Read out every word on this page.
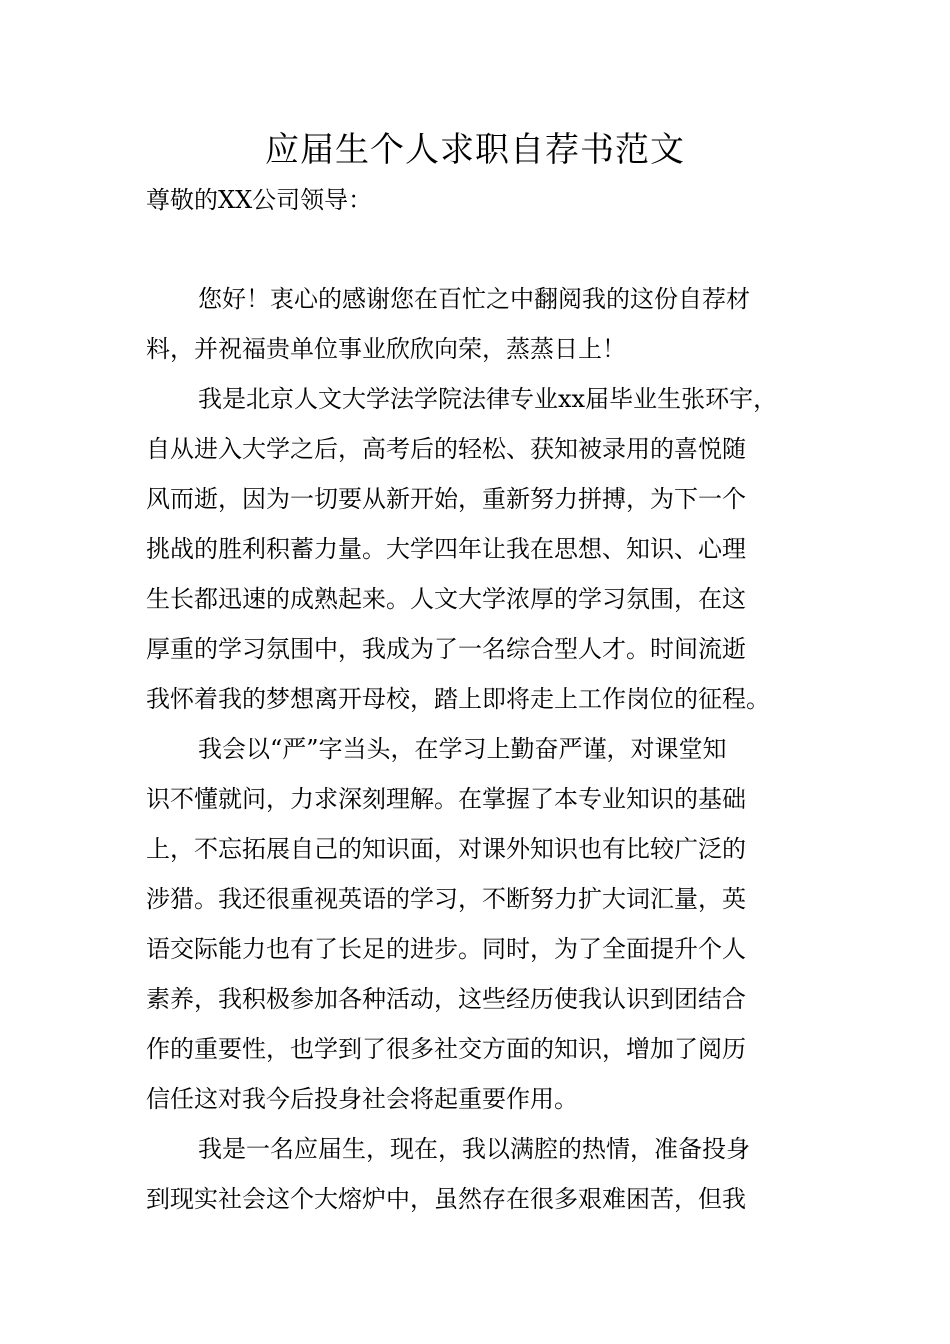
应届生个人求职自荐书范文
尊敬的XX公司领导：
您好！衷心的感谢您在百忙之中翻阅我的这份自荐材
料，并祝福贵单位事业欣欣向荣，蒸蒸日上！
我是北京人文大学法学院法律专业xx届毕业生张环宇，
自从进入大学之后，高考后的轻松、获知被录用的喜悦随
风而逝，因为一切要从新开始，重新努力拼搏，为下一个
挑战的胜利积蓄力量。大学四年让我在思想、知识、心理
生长都迅速的成熟起来。人文大学浓厚的学习氛围，在这
厚重的学习氛围中，我成为了一名综合型人才。时间流逝
我怀着我的梦想离开母校，踏上即将走上工作岗位的征程。
我会以“严”字当头，在学习上勤奋严谨，对课堂知
识不懂就问，力求深刻理解。在掌握了本专业知识的基础
上，不忘拓展自己的知识面，对课外知识也有比较广泛的
涉猎。我还很重视英语的学习，不断努力扩大词汇量，英
语交际能力也有了长足的进步。同时，为了全面提升个人
素养，我积极参加各种活动，这些经历使我认识到团结合
作的重要性，也学到了很多社交方面的知识，增加了阅历
信任这对我今后投身社会将起重要作用。
我是一名应届生，现在，我以满腔的热情，准备投身
到现实社会这个大熔炉中，虽然存在很多艰难困苦，但我
